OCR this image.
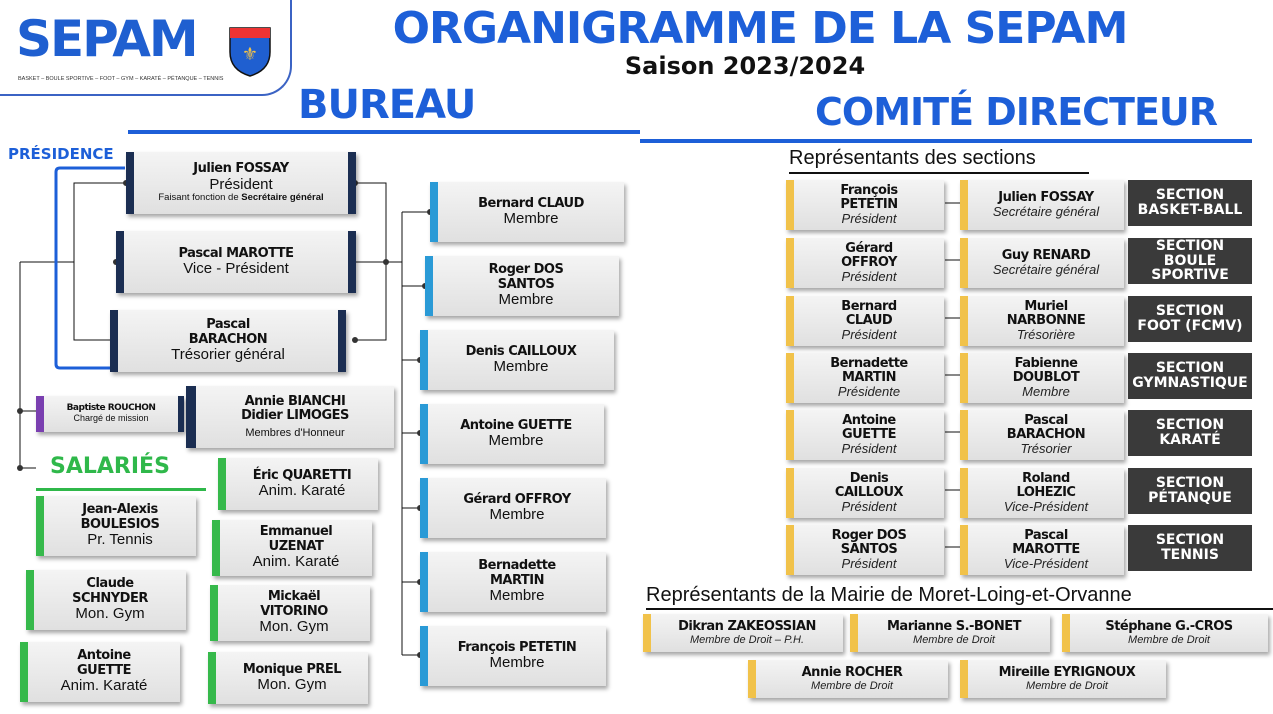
SEPAM
BASKET – BOULE SPORTIVE – FOOT – GYM – KARATÉ – PÉTANQUE – TENNIS
⚜	ORGANIGRAMME DE LA SEPAM
Saison 2023/2024
BUREAU	COMITÉ DIRECTEUR
PRÉSIDENCE
Julien FOSSAY
Président
Faisant fonction de Secrétaire général
Pascal MAROTTE
Vice - Président
Pascal BARACHON
Trésorier général
Baptiste ROUCHON
Chargé de mission
Annie BIANCHI
Didier LIMOGES
Membres d'Honneur
SALARIÉS
Jean-Alexis BOULESIOS
Pr. Tennis
Claude SCHNYDER
Mon. Gym
Antoine GUETTE
Anim. Karaté
Éric QUARETTI
Anim. Karaté
Emmanuel UZENAT
Anim. Karaté
Mickaël VITORINO
Mon. Gym
Monique PREL
Mon. Gym
Bernard CLAUD
Membre
Roger DOS SANTOS
Membre
Denis CAILLOUX
Membre
Antoine GUETTE
Membre
Gérard OFFROY
Membre
Bernadette MARTIN
Membre
François PETETIN
Membre
Représentants des sections
François PETETIN
Président
Julien FOSSAY
Secrétaire général
SECTION
BASKET-BALL
Gérard OFFROY
Président
Guy RENARD
Secrétaire général
SECTION
BOULE SPORTIVE
Bernard CLAUD
Président
Muriel NARBONNE
Trésorière
SECTION
FOOT (FCMV)
Bernadette MARTIN
Présidente
Fabienne DOUBLOT
Membre
SECTION
GYMNASTIQUE
Antoine GUETTE
Président
Pascal BARACHON
Trésorier
SECTION
KARATÉ
Denis CAILLOUX
Président
Roland LOHEZIC
Vice-Président
SECTION
PÉTANQUE
Roger DOS SANTOS
Président
Pascal MAROTTE
Vice-Président
SECTION
TENNIS
Représentants de la Mairie de Moret-Loing-et-Orvanne
Dikran ZAKEOSSIAN
Membre de Droit – P.H.
Marianne S.-BONET
Membre de Droit
Stéphane G.-CROS
Membre de Droit
Annie ROCHER
Membre de Droit
Mireille EYRIGNOUX
Membre de Droit
